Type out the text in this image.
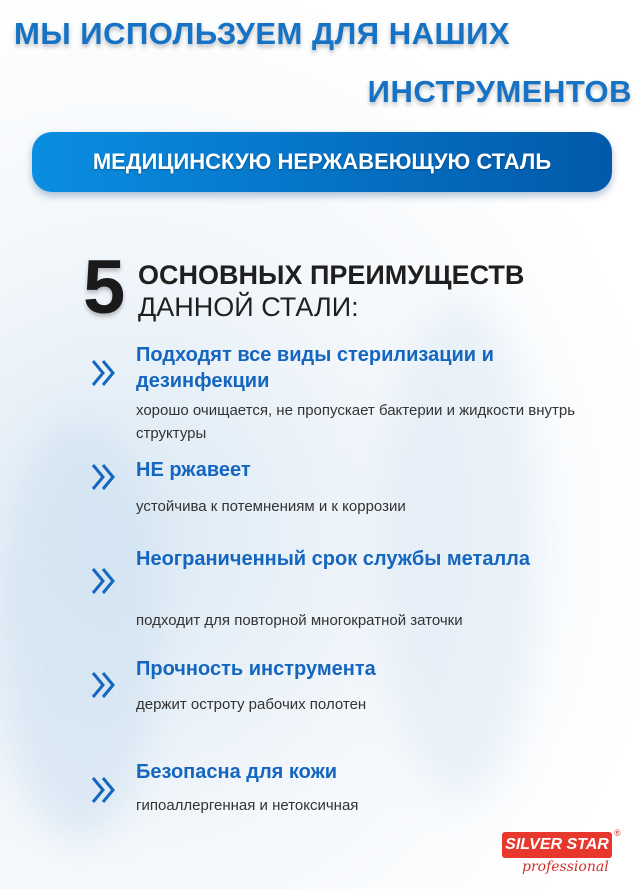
МЫ ИСПОЛЬЗУЕМ ДЛЯ НАШИХ
ИНСТРУМЕНТОВ
МЕДИЦИНСКУЮ НЕРЖАВЕЮЩУЮ СТАЛЬ
5 ОСНОВНЫХ ПРЕИМУЩЕСТВ
ДАННОЙ СТАЛИ:
Подходят все виды стерилизации и дезинфекции
хорошо очищается, не пропускает бактерии и жидкости внутрь структуры
НЕ ржавеет
устойчива к потемнениям и к коррозии
Неограниченный срок службы металла
подходит для повторной многократной заточки
Прочность инструмента
держит остроту рабочих полотен
Безопасна для кожи
гипоаллергенная и нетоксичная
SILVER STAR
®
professional
